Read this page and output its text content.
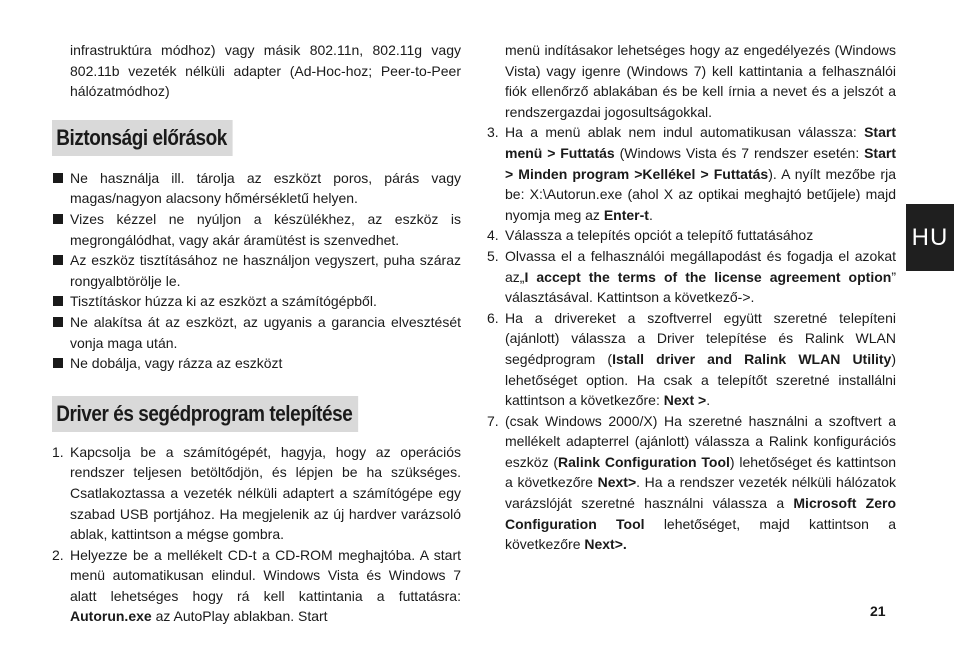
infrastruktúra módhoz) vagy másik 802.11n, 802.11g vagy 802.11b vezeték nélküli adapter (Ad-Hoc-hoz; Peer-to-Peer hálózatmódhoz)

Biztonsági előrások
Ne használja ill. tárolja az eszközt poros, párás vagy magas/nagyon alacsony hőmérsékletű helyen.
Vizes kézzel ne nyúljon a készülékhez, az eszköz is megrongálódhat, vagy akár áramütést is szenvedhet.
Az eszköz tisztításához ne használjon vegyszert, puha száraz rongyalbtörölje le.
Tisztításkor húzza ki az eszközt a számítógépből.
Ne alakítsa át az eszközt, az ugyanis a garancia elvesztését vonja maga után.
Ne dobálja, vagy rázza az eszközt
Driver és segédprogram telepítése
1. Kapcsolja be a számítógépét, hagyja, hogy az operációs rendszer teljesen betöltődjön, és lépjen be ha szükséges. Csatlakoztassa a vezeték nélküli adaptert a számítógépe egy szabad USB portjához. Ha megjelenik az új hardver varázsoló ablak, kattintson a mégse gombra.
2. Helyezze be a mellékelt CD-t a CD-ROM meghajtóba. A start menü automatikusan elindul. Windows Vista és Windows 7 alatt lehetséges hogy rá kell kattintania a futtatásra: Autorun.exe az AutoPlay ablakban. Start

menü indításakor lehetséges hogy az engedélyezés (Windows Vista) vagy igenre (Windows 7) kell kattintania a felhasználói fiók ellenőrző ablakában és be kell írnia a nevet és a jelszót a rendszergazdai jogosultságokkal.

3. Ha a menü ablak nem indul automatikusan válassza: Start menü > Futtatás (Windows Vista és 7 rendszer esetén: Start > Minden program >Kellékel > Futtatás). A nyílt mezőbe rja be: X:\Autorun.exe (ahol X az optikai meghajtó betűjele) majd nyomja meg az Enter-t.
4. Válassza a telepítés opciót a telepítő futtatásához
5. Olvassa el a felhasználói megállapodást és fogadja el azokat az„I accept the terms of the license agreement option” választásával. Kattintson a következő->.
6. Ha a drivereket a szoftverrel együtt szeretné telepíteni (ajánlott) válassza a Driver telepítése és Ralink WLAN segédprogram (Istall driver and Ralink WLAN Utility) lehetőséget option. Ha csak a telepítőt szeretné installálni kattintson a következőre: Next >.
7. (csak Windows 2000/X) Ha szeretné használni a szoftvert a mellékelt adapterrel (ajánlott) válassza a Ralink konfigurációs eszköz (Ralink Configuration Tool) lehetőséget és kattintson a következőre Next>. Ha a rendszer vezeték nélküli hálózatok varázslóját szeretné használni válassza a Microsoft Zero Configuration Tool lehetőséget, majd kattintson a következőre Next>.
HU
21
